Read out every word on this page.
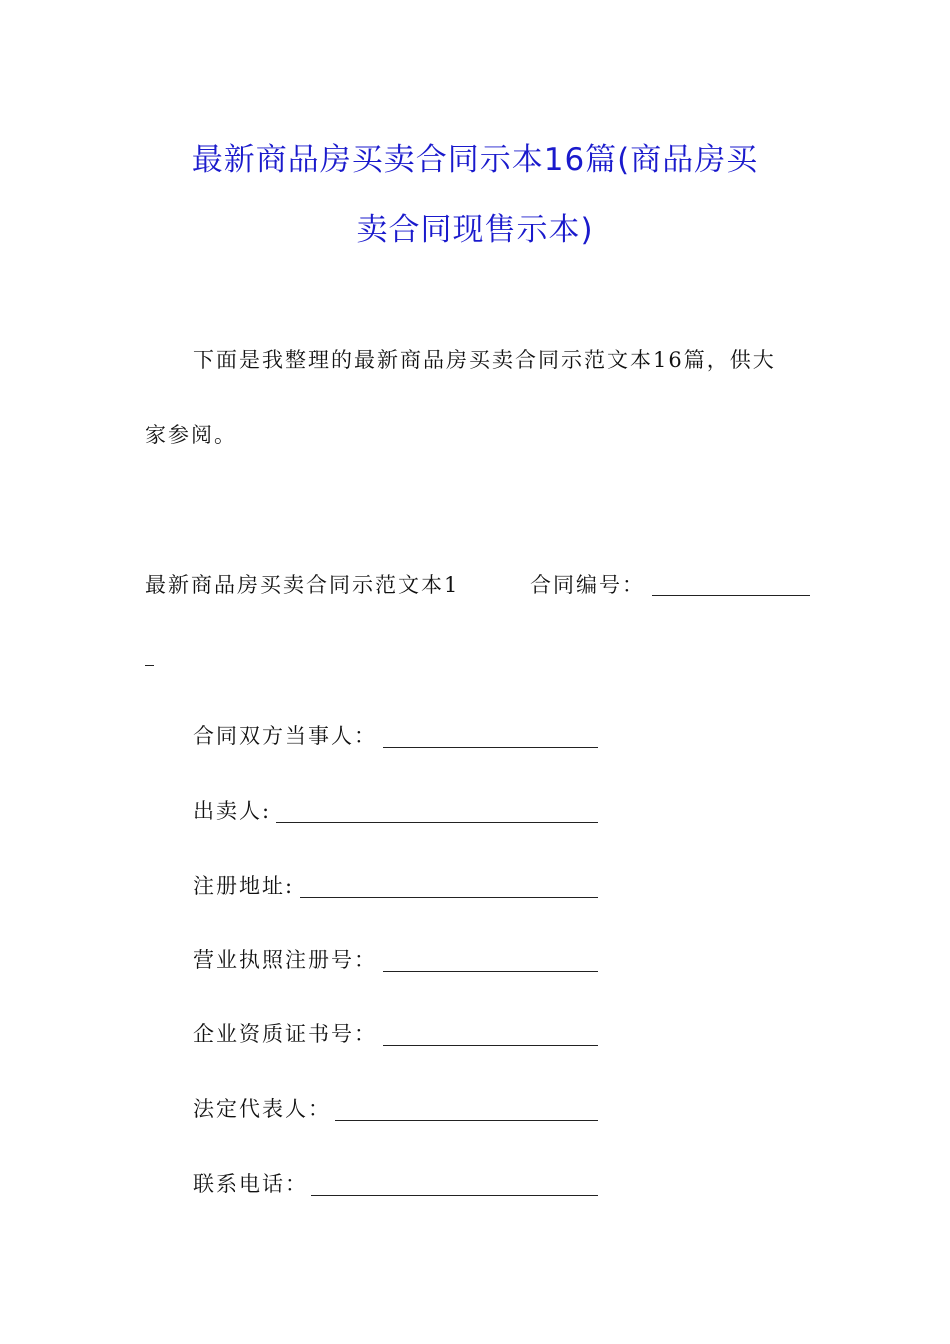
最新商品房买卖合同示本16篇(商品房买
卖合同现售示本)
下面是我整理的最新商品房买卖合同示范文本16篇，供大
家参阅。
最新商品房买卖合同示范文本1	合同编号：
合同双方当事人：
出卖人:
注册地址:
营业执照注册号：
企业资质证书号：
法定代表人：
联系电话：
